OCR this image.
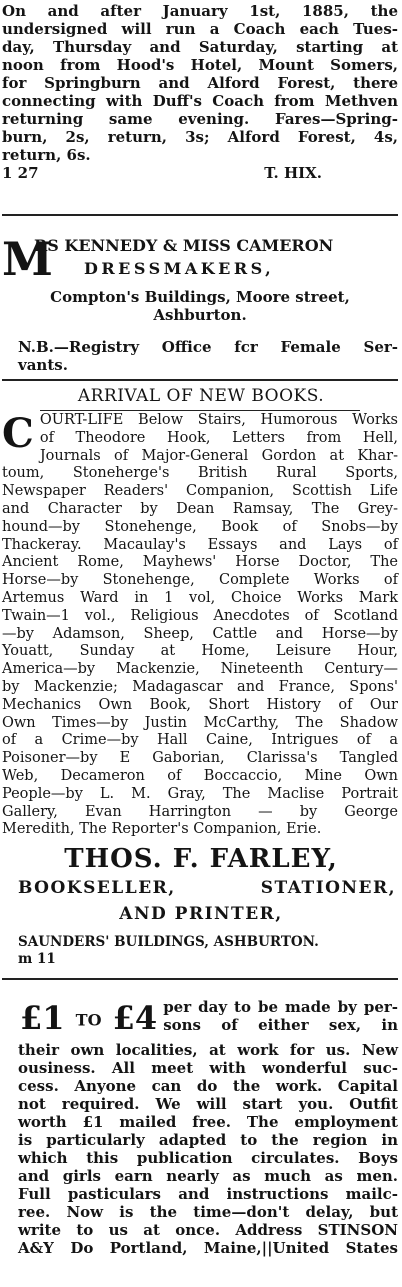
On and after January 1st, 1885, the
undersigned will run a Coach each Tues-
day, Thursday and Saturday, starting at
noon from Hood's Hotel, Mount Somers,
for Springburn and Alford Forest, there
connecting with Duff's Coach from Methven
returning same evening. Fares—Spring-
burn, 2s, return, 3s; Alford Forest, 4s,
return, 6s.
1 27	T. HIX.
M
RS KENNEDY & MISS CAMERON
DRESSMAKERS,
Compton's Buildings, Moore street,
Ashburton.
N.B.—Registry Office fcr Female Ser-
vants.
ARRIVAL OF NEW BOOKS.
C OURT-LIFE Below Stairs, Humorous Works
of Theodore Hook, Letters from Hell,
Journals of Major-General Gordon at Khar-
toum, Stoneherge's British Rural Sports,
Newspaper Readers' Companion, Scottish Life
and Character by Dean Ramsay, The Grey-
hound—by Stonehenge, Book of Snobs—by
Thackeray. Macaulay's Essays and Lays of
Ancient Rome, Mayhews' Horse Doctor, The
Horse—by Stonehenge, Complete Works of
Artemus Ward in 1 vol, Choice Works Mark
Twain—1 vol., Religious Anecdotes of Scotland
—by Adamson, Sheep, Cattle and Horse—by
Youatt, Sunday at Home, Leisure Hour,
America—by Mackenzie, Nineteenth Century—
by Mackenzie; Madagascar and France, Spons'
Mechanics Own Book, Short History of Our
Own Times—by Justin McCarthy, The Shadow
of a Crime—by Hall Caine, Intrigues of a
Poisoner—by E Gaborian, Clarissa's Tangled
Web, Decameron of Boccaccio, Mine Own
People—by L. M. Gray, The Maclise Portrait
Gallery, Evan Harrington — by George
Meredith, The Reporter's Companion, Erie.
THOS. F. FARLEY,
BOOKSELLER,	STATIONER,
AND PRINTER,
SAUNDERS' BUILDINGS, ASHBURTON.
m 11
£1 TO £4 per day to be made by per-
sons of either sex, in
their own localities, at work for us. New
ousiness. All meet with wonderful suc-
cess. Anyone can do the work. Capital
not required. We will start you. Outfit
worth £1 mailed free. The employment
is particularly adapted to the region in
which this publication circulates. Boys
and girls earn nearly as much as men.
Full pasticulars and instructions mailc-
ree. Now is the time—don't delay, but
write to us at once. Address STINSON
A&Y Do Portland, Maine,||United States
